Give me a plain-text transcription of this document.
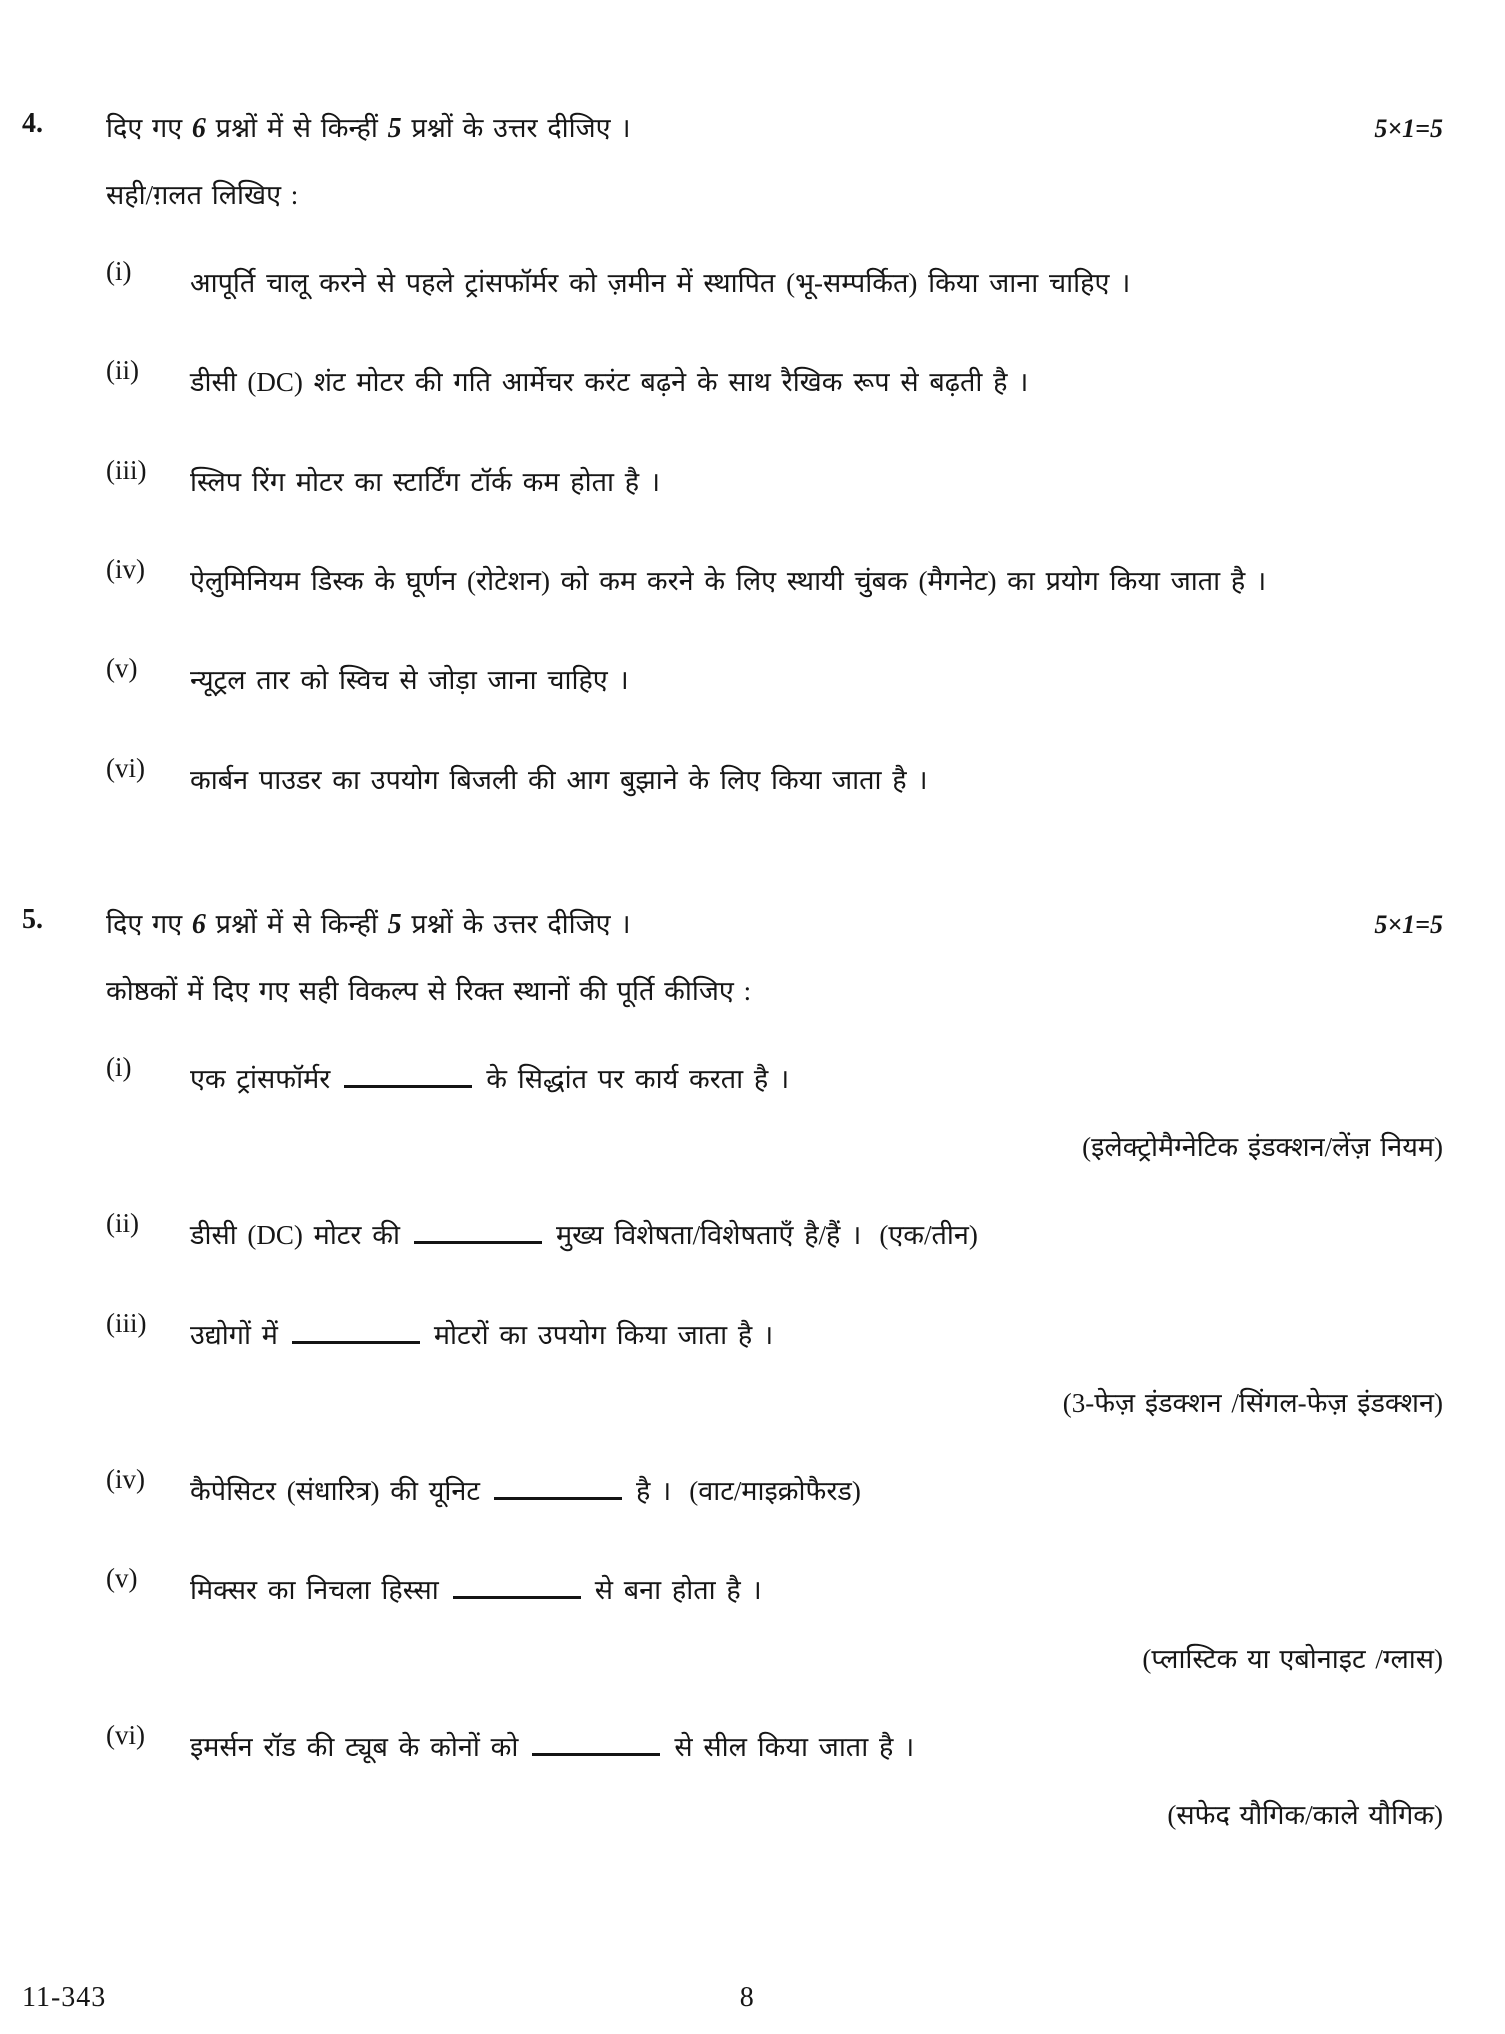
4.	दिए गए 6 प्रश्नों में से किन्हीं 5 प्रश्नों के उत्तर दीजिए ।	5×1=5
सही/ग़लत लिखिए :
(i)	आपूर्ति चालू करने से पहले ट्रांसफॉर्मर को ज़मीन में स्थापित (भू-सम्पर्कित) किया जाना चाहिए ।
(ii)	डीसी (DC) शंट मोटर की गति आर्मेचर करंट बढ़ने के साथ रैखिक रूप से बढ़ती है ।
(iii)	स्लिप रिंग मोटर का स्टार्टिंग टॉर्क कम होता है ।
(iv)	ऐलुमिनियम डिस्क के घूर्णन (रोटेशन) को कम करने के लिए स्थायी चुंबक (मैगनेट) का प्रयोग किया जाता है ।
(v)	न्यूट्रल तार को स्विच से जोड़ा जाना चाहिए ।
(vi)	कार्बन पाउडर का उपयोग बिजली की आग बुझाने के लिए किया जाता है ।
5.	दिए गए 6 प्रश्नों में से किन्हीं 5 प्रश्नों के उत्तर दीजिए ।	5×1=5
कोष्ठकों में दिए गए सही विकल्प से रिक्त स्थानों की पूर्ति कीजिए :
(i)	एक ट्रांसफॉर्मर	के सिद्धांत पर कार्य करता है ।
(इलेक्ट्रोमैग्नेटिक इंडक्शन/लेंज़ नियम)
(ii)	डीसी (DC) मोटर की	मुख्य विशेषता/विशेषताएँ है/हैं । (एक/तीन)
(iii)	उद्योगों में	मोटरों का उपयोग किया जाता है ।
(3-फेज़ इंडक्शन /सिंगल-फेज़ इंडक्शन)
(iv)	कैपेसिटर (संधारित्र) की यूनिट	है । (वाट/माइक्रोफैरड)
(v)	मिक्सर का निचला हिस्सा	से बना होता है ।
(प्लास्टिक या एबोनाइट /ग्लास)
(vi)	इमर्सन रॉड की ट्यूब के कोनों को	से सील किया जाता है ।
(सफेद यौगिक/काले यौगिक)
11-343	8
